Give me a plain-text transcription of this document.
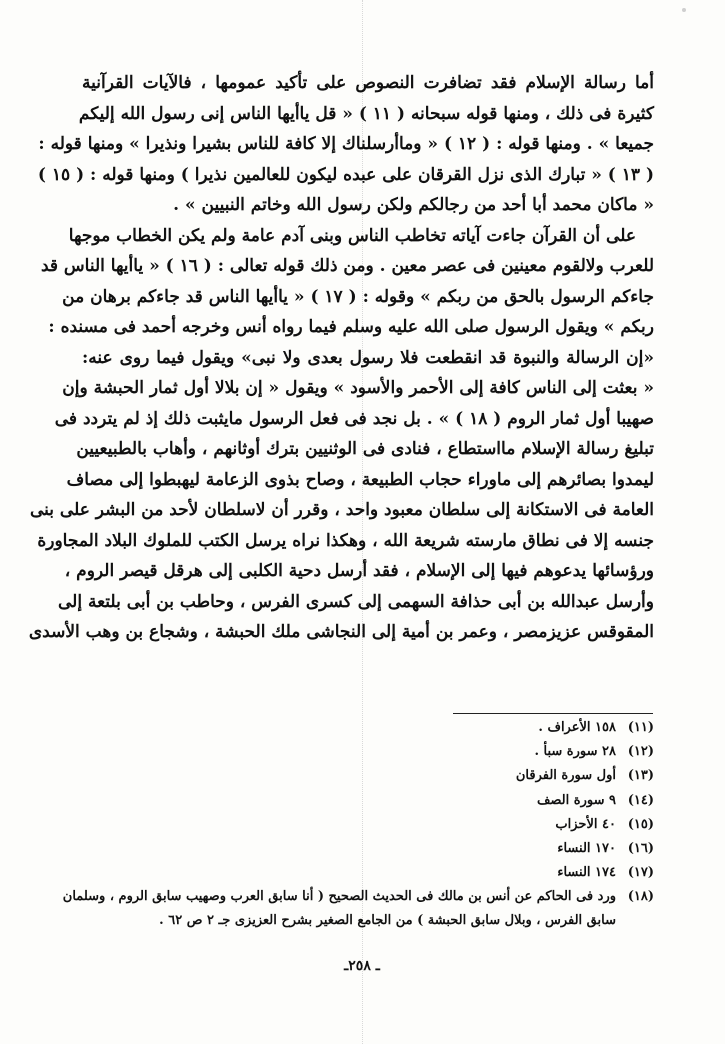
أما رسالة الإسلام فقد تضافرت النصوص على تأكيد عمومها ، فالآيات القرآنية
كثيرة فى ذلك ، ومنها قوله سبحانه ( ١١ ) « قل ياأيها الناس إنى رسول الله إليكم
جميعا » . ومنها قوله : ( ١٢ ) « وماأرسلناك إلا كافة للناس بشيرا ونذيرا » ومنها قوله :
( ١٣ ) « تبارك الذى نزل القرقان على عبده ليكون للعالمين نذيرا ) ومنها قوله : ( ١٥ )
« ماكان محمد أبا أحد من رجالكم ولكن رسول الله وخاتم النبيين » .
على أن القرآن جاءت آياته تخاطب الناس وبنى آدم عامة ولم يكن الخطاب موجها
للعرب ولالقوم معينين فى عصر معين . ومن ذلك قوله تعالى : ( ١٦ ) « ياأيها الناس قد
جاءكم الرسول بالحق من ربكم » وقوله : ( ١٧ ) « ياأيها الناس قد جاءكم برهان من
ربكم » ويقول الرسول صلى الله عليه وسلم فيما رواه أنس وخرجه أحمد فى مسنده :
«إن الرسالة والنبوة قد انقطعت فلا رسول بعدى ولا نبى» ويقول فيما روى عنه:
« بعثت إلى الناس كافة إلى الأحمر والأسود » ويقول « إن بلالا أول ثمار الحبشة وإن
صهيبا أول ثمار الروم ( ١٨ ) » . بل نجد فى فعل الرسول مايثبت ذلك إذ لم يتردد فى
تبليغ رسالة الإسلام مااستطاع ، فنادى فى الوثنيين بترك أوثانهم ، وأهاب بالطبيعيين
ليمدوا بصائرهم إلى ماوراء حجاب الطبيعة ، وصاح بذوى الزعامة ليهبطوا إلى مصاف
العامة فى الاستكانة إلى سلطان معبود واحد ، وقرر أن لاسلطان لأحد من البشر على بنى
جنسه إلا فى نطاق مارسته شريعة الله ، وهكذا نراه يرسل الكتب للملوك البلاد المجاورة
ورؤسائها يدعوهم فيها إلى الإسلام ، فقد أرسل دحية الكلبى إلى هرقل قيصر الروم ،
وأرسل عبدالله بن أبى حذافة السهمى إلى كسرى الفرس ، وحاطب بن أبى بلتعة إلى
المقوقس عزيزمصر ، وعمر بن أمية إلى النجاشى ملك الحبشة ، وشجاع بن وهب الأسدى
(١١)١٥٨ الأعراف .
(١٢)٢٨ سورة سبأ .
(١٣)أول سورة الفرقان
(١٤)٩ سورة الصف
(١٥)٤٠ الأحزاب
(١٦)١٧٠ النساء
(١٧)١٧٤ النساء
(١٨)ورد فى الحاكم عن أنس بن مالك فى الحديث الصحيح ( أنا سابق العرب وصهيب سابق الروم ، وسلمان
سابق الفرس ، وبلال سابق الحبشة ) من الجامع الصغير بشرح العزيزى جـ ٢ ص ٦٢ .
ـ ٢٥٨ـ
